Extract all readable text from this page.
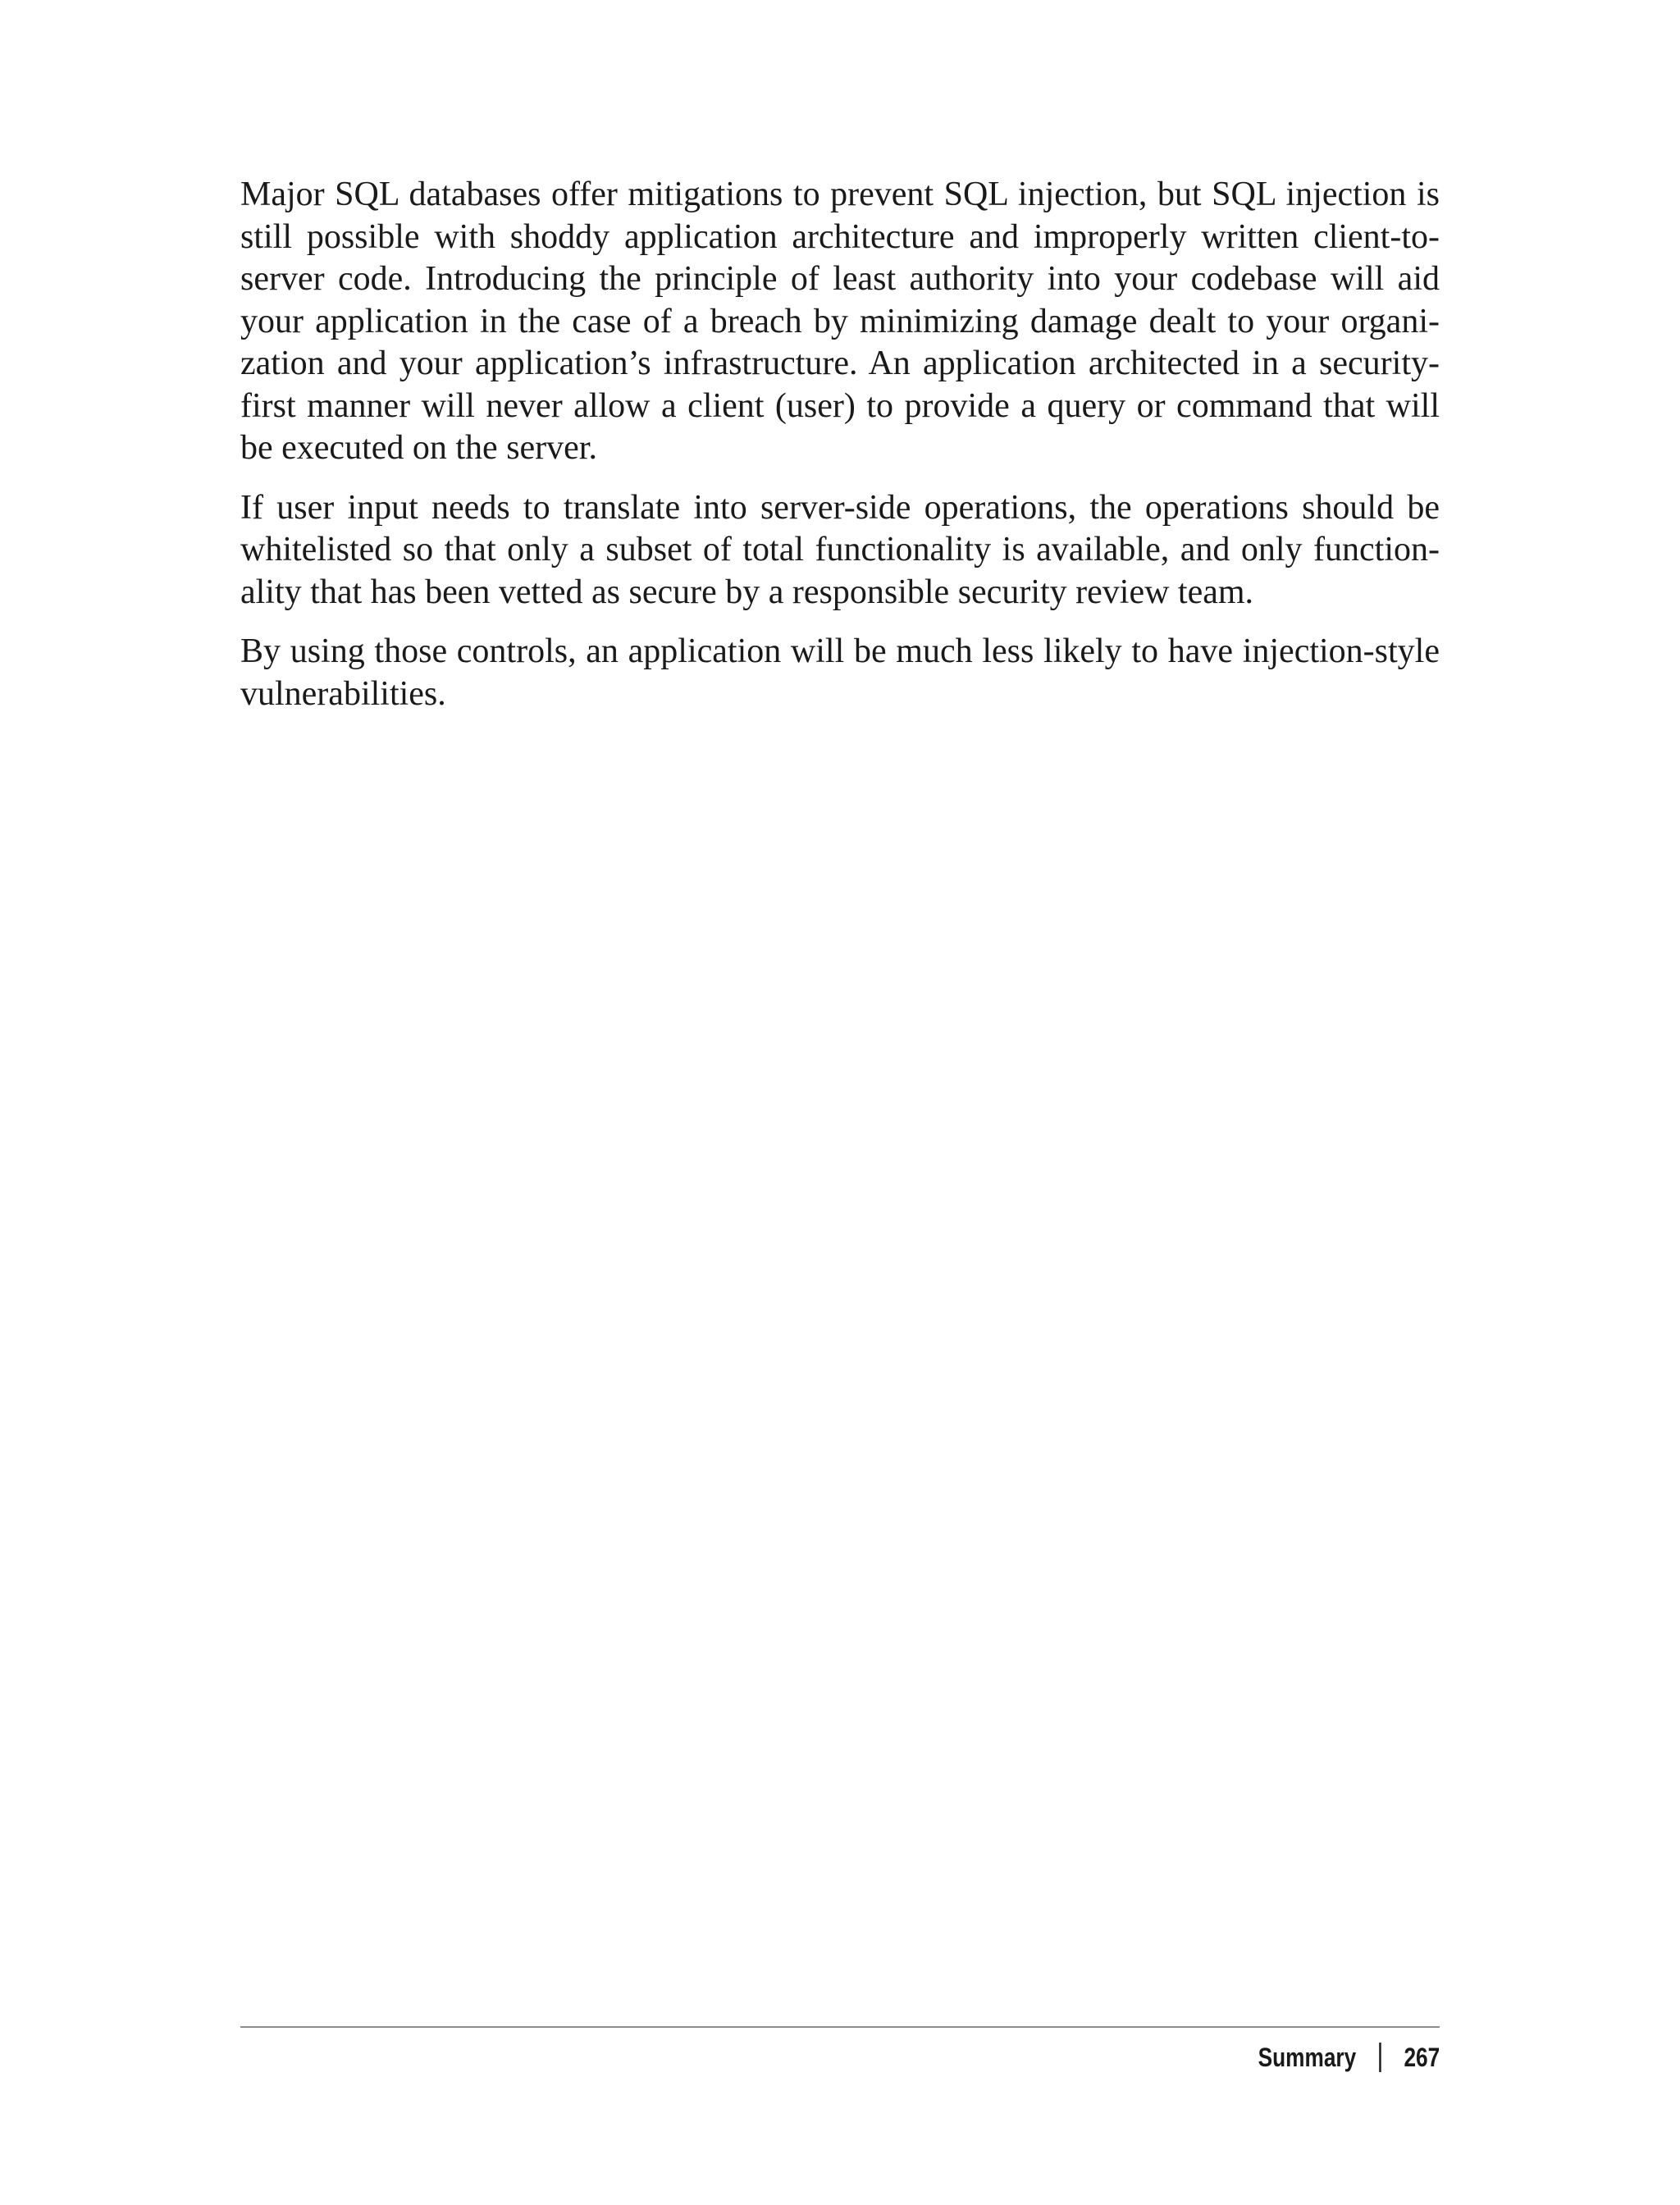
Major SQL databases offer mitigations to prevent SQL injection, but SQL injection is still possible with shoddy application architecture and improperly written client-to-server code. Introducing the principle of least authority into your codebase will aid your application in the case of a breach by minimizing damage dealt to your organization and your application’s infrastructure. An application architected in a security-first manner will never allow a client (user) to provide a query or command that will be executed on the server.

If user input needs to translate into server-side operations, the operations should be whitelisted so that only a subset of total functionality is available, and only functionality that has been vetted as secure by a responsible security review team.

By using those controls, an application will be much less likely to have injection-style vulnerabilities.

Summary 267
